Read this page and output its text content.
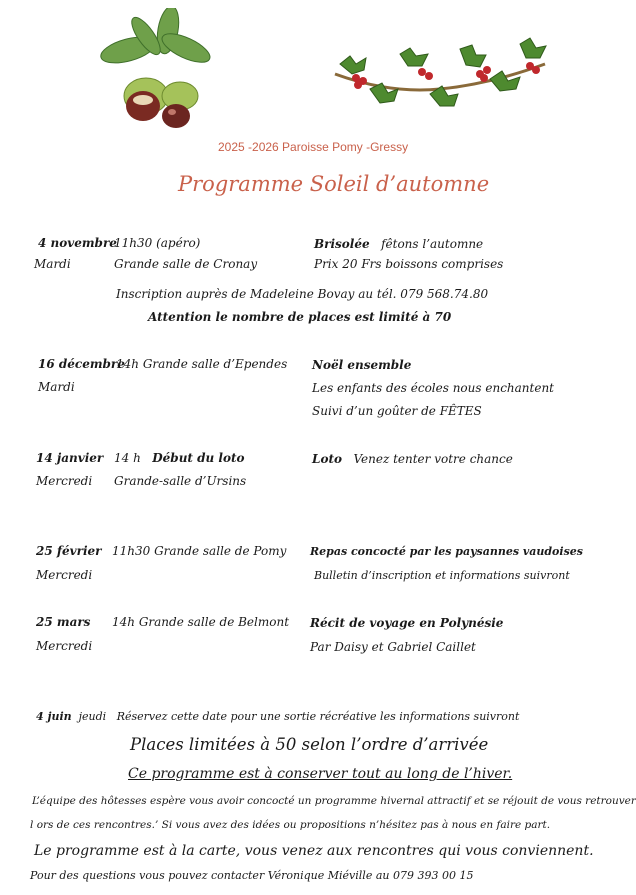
2025 -2026 Paroisse Pomy -Gressy
Programme Soleil d’automne
4 novembre
Mardi
11h30 (apéro)
Grande salle de Cronay
Brisolée fêtons l’automne
Prix 20 Frs boissons comprises
Inscription auprès de Madeleine Bovay au tél. 079 568.74.80
Attention le nombre de places est limité à 70
16 décembre
Mardi
14h Grande salle d’Ependes Noël ensemble
Les enfants des écoles nous enchantent
Suivi d’un goûter de FÊTES
14 janvier
Mercredi
14 h Début du loto
Grande-salle d’Ursins
Loto Venez tenter votre chance
25 février
Mercredi
11h30 Grande salle de Pomy Repas concocté par les paysannes vaudoises
Bulletin d’inscription et informations suivront
25 mars
Mercredi
14h Grande salle de Belmont Récit de voyage en Polynésie
Par Daisy et Gabriel Caillet
4 juin jeudi Réservez cette date pour une sortie récréative les informations suivront
Places limitées à 50 selon l’ordre d’arrivée
Ce programme est à conserver tout au long de l’hiver.
L’équipe des hôtesses espère vous avoir concocté un programme hivernal attractif et se réjouit de vous retrouver
l ors de ces rencontres.’ Si vous avez des idées ou propositions n’hésitez pas à nous en faire part.
Le programme est à la carte, vous venez aux rencontres qui vous conviennent.
Pour des questions vous pouvez contacter Véronique Miéville au 079 393 00 15
